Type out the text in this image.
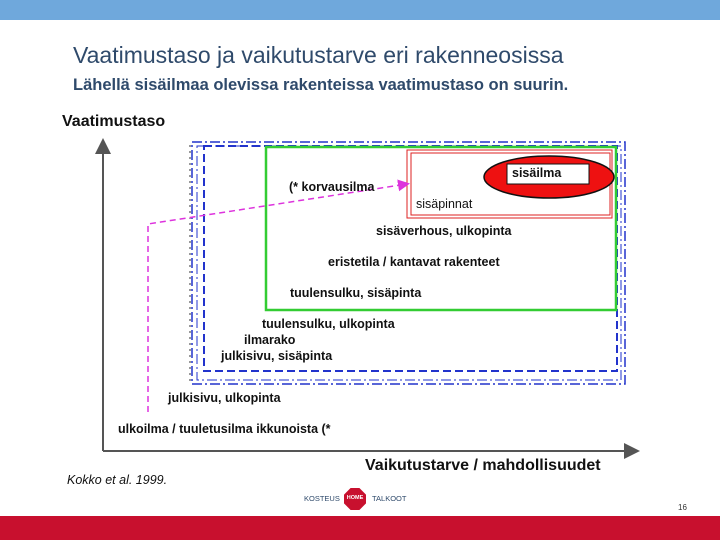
Vaatimustaso ja vaikutustarve eri rakenneosissa
Lähellä sisäilmaa olevissa rakenteissa vaatimustaso on suurin.
Vaatimustaso
Vaikutustarve / mahdollisuudet
sisäilma
(* korvausilma
sisäpinnat
sisäverhous, ulkopinta
eristetila / kantavat rakenteet
tuulensulku, sisäpinta
tuulensulku, ulkopinta
ilmarako
julkisivu, sisäpinta
julkisivu, ulkopinta
ulkoilma / tuuletusilma ikkunoista (*
Kokko et al. 1999.
KOSTEUS	HOME	TALKOOT
16
